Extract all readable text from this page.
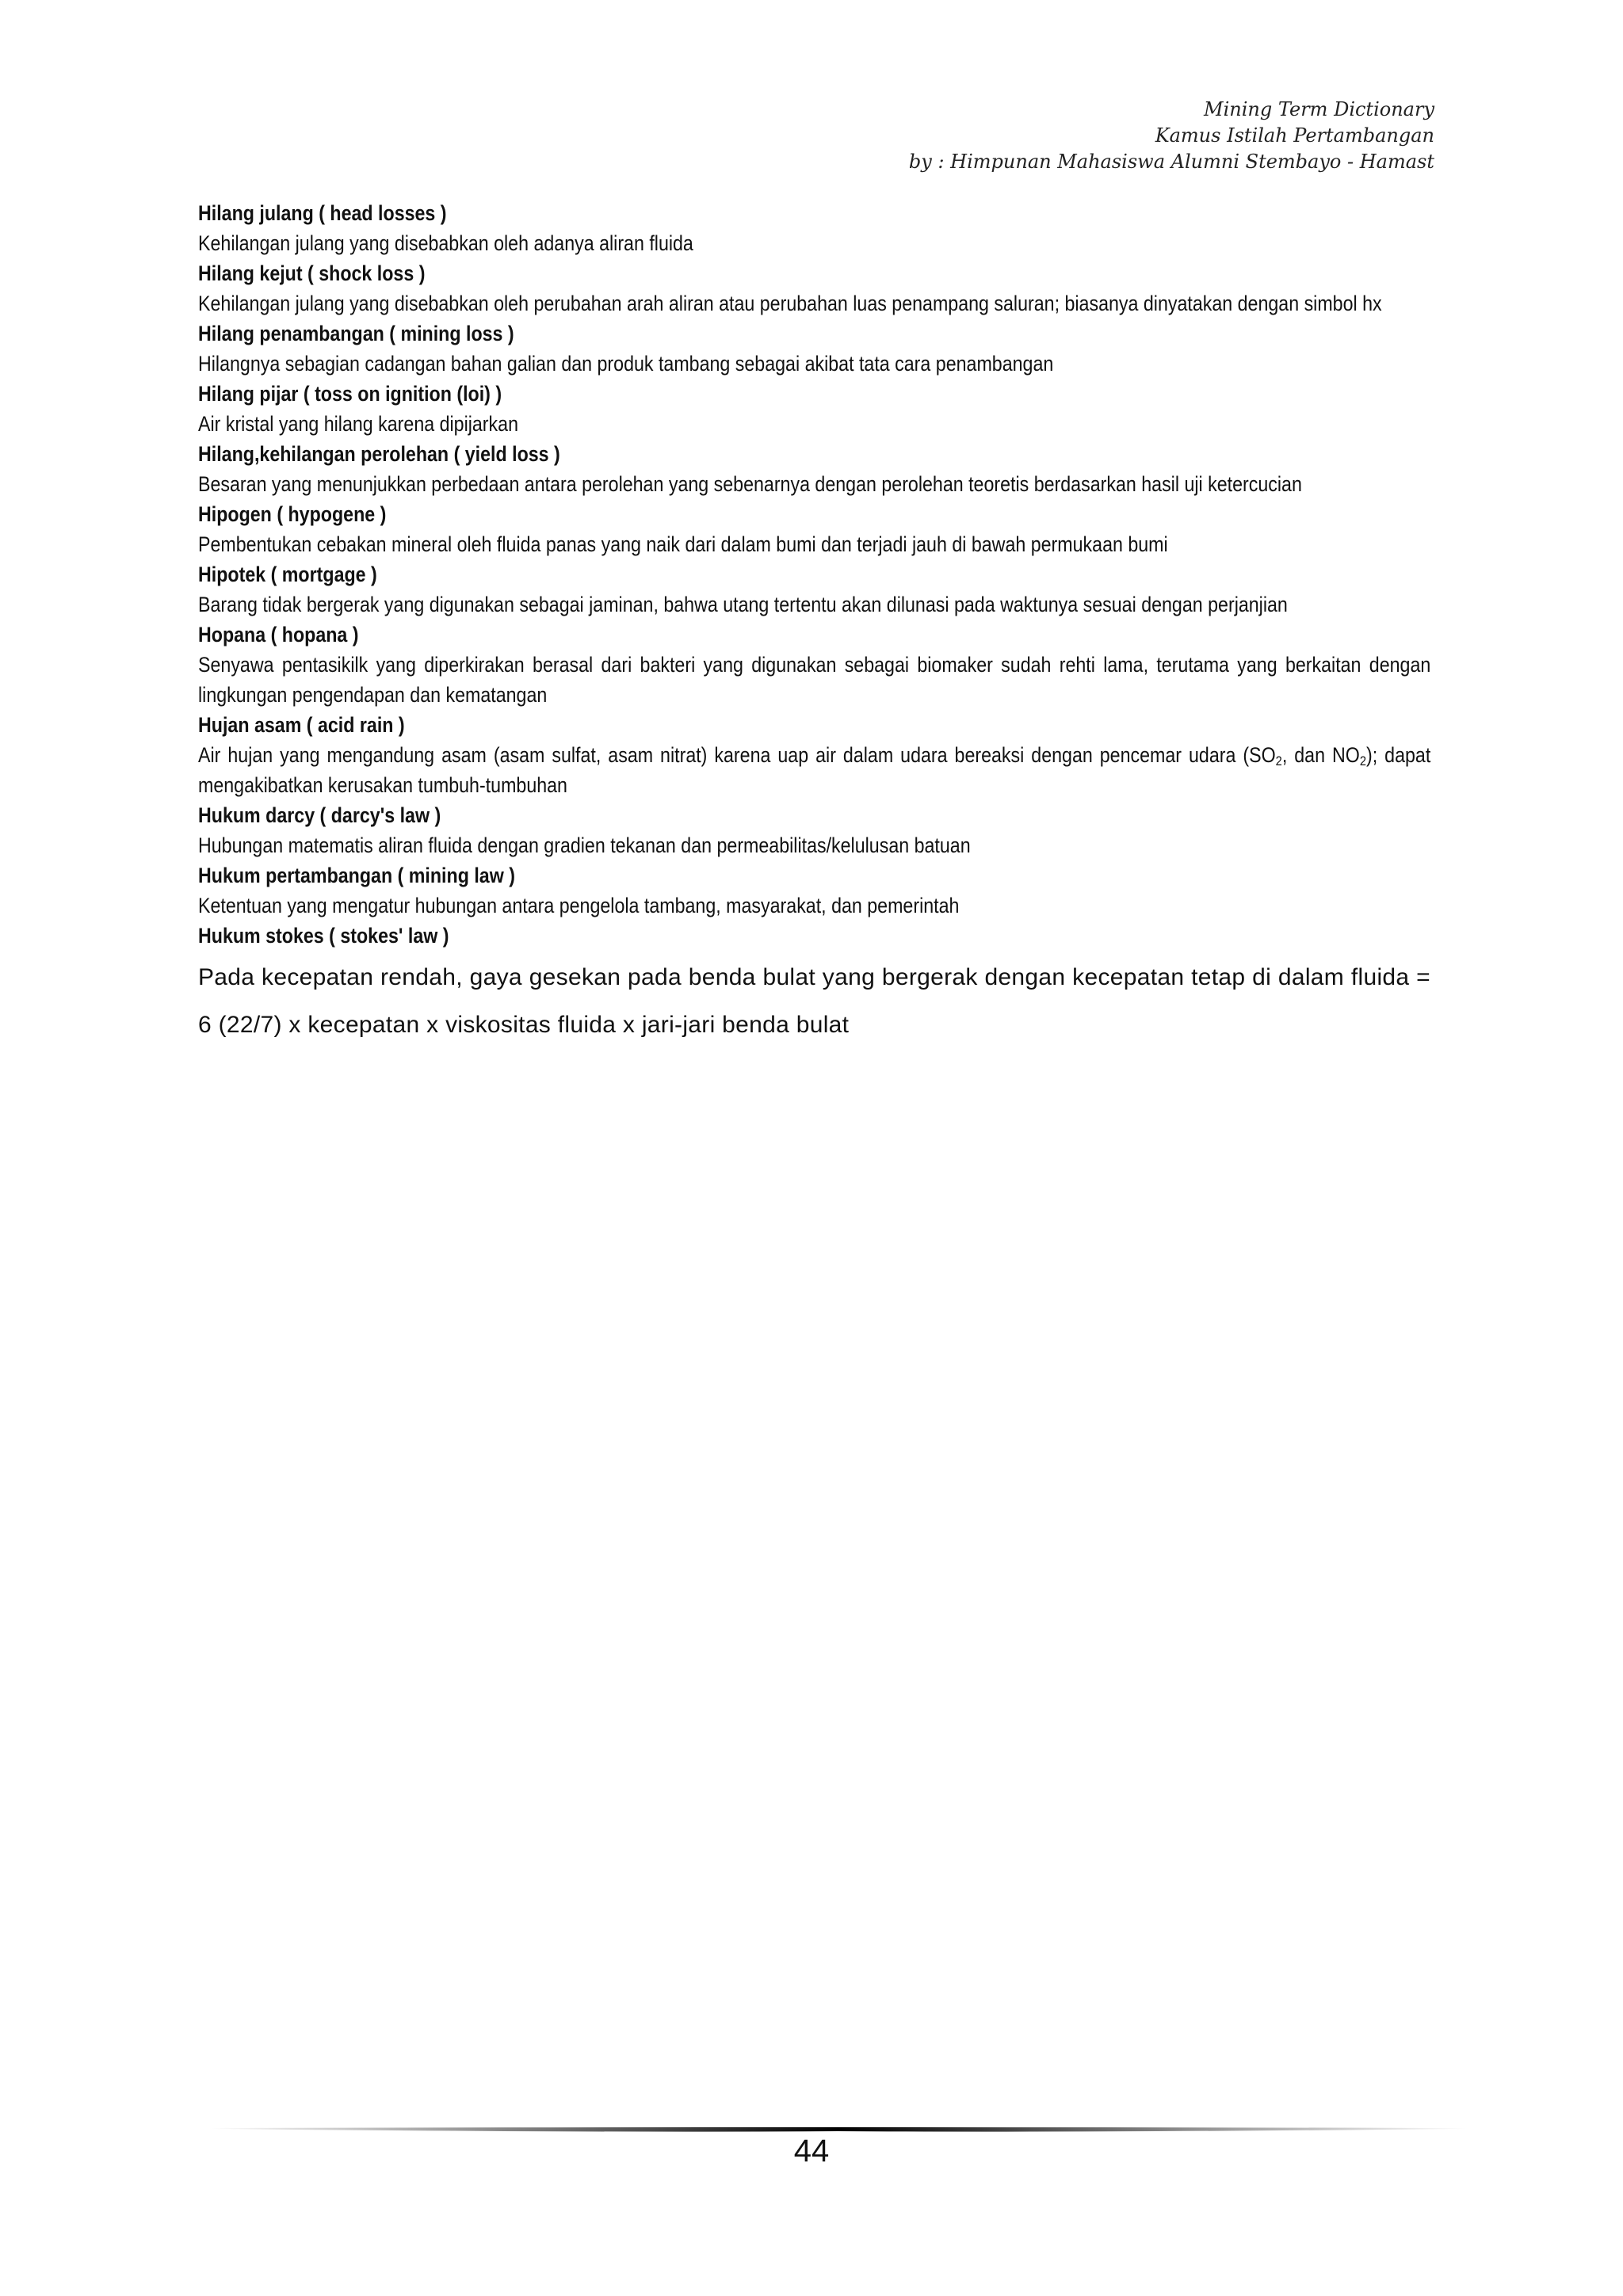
Mining Term Dictionary
Kamus Istilah Pertambangan
by : Himpunan Mahasiswa Alumni Stembayo - Hamast
Hilang julang ( head losses )
Kehilangan julang yang disebabkan oleh adanya aliran fluida
Hilang kejut ( shock loss )
Kehilangan julang yang disebabkan oleh perubahan arah aliran atau perubahan luas penampang saluran; biasanya dinyatakan dengan simbol hx
Hilang penambangan ( mining loss )
Hilangnya sebagian cadangan bahan galian dan produk tambang sebagai akibat tata cara penambangan
Hilang pijar ( toss on ignition (loi) )
Air kristal yang hilang karena dipijarkan
Hilang,kehilangan perolehan ( yield loss )
Besaran yang menunjukkan perbedaan antara perolehan yang sebenarnya dengan perolehan teoretis berdasarkan hasil uji ketercucian
Hipogen ( hypogene )
Pembentukan cebakan mineral oleh fluida panas yang naik dari dalam bumi dan terjadi jauh di bawah permukaan bumi
Hipotek ( mortgage )
Barang tidak bergerak yang digunakan sebagai jaminan, bahwa utang tertentu akan dilunasi pada waktunya sesuai dengan perjanjian
Hopana ( hopana )
Senyawa pentasikilk yang diperkirakan berasal dari bakteri yang digunakan sebagai biomaker sudah rehti lama, terutama yang berkaitan dengan lingkungan pengendapan dan kematangan
Hujan asam ( acid rain )
Air hujan yang mengandung asam (asam sulfat, asam nitrat) karena uap air dalam udara bereaksi dengan pencemar udara ($SO_2$, dan $NO_2$); dapat mengakibatkan kerusakan tumbuh-tumbuhan
Hukum darcy ( darcy's law )
Hubungan matematis aliran fluida dengan gradien tekanan dan permeabilitas/kelulusan batuan
Hukum pertambangan ( mining law )
Ketentuan yang mengatur hubungan antara pengelola tambang, masyarakat, dan pemerintah
Hukum stokes ( stokes' law )
Pada kecepatan rendah, gaya gesekan pada benda bulat yang bergerak dengan kecepatan tetap di dalam fluida = 6 (22/7) x kecepatan x viskositas fluida x jari-jari benda bulat
44
